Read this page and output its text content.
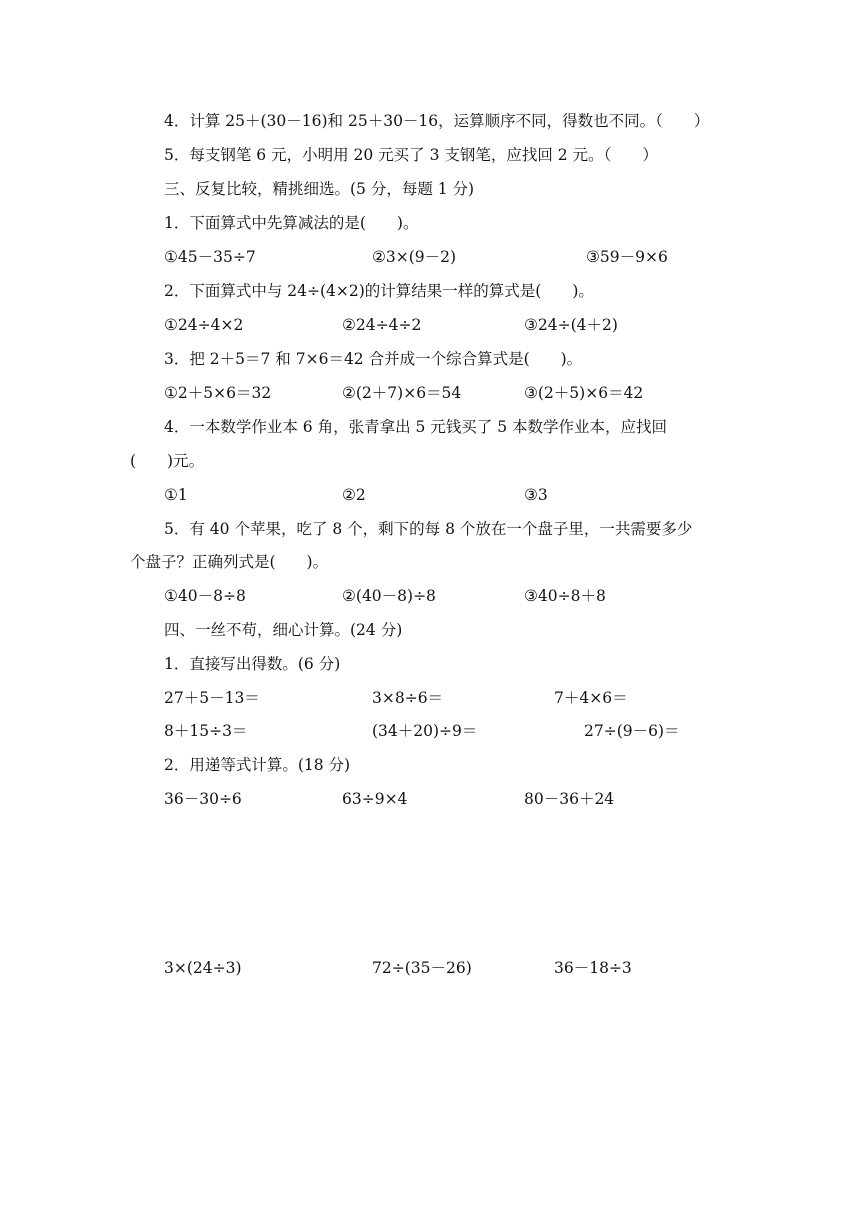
4．计算 25＋(30－16)和 25＋30－16，运算顺序不同，得数也不同。（　　）
5．每支钢笔 6 元，小明用 20 元买了 3 支钢笔，应找回 2 元。（　　）
三、反复比较，精挑细选。(5 分，每题 1 分)
1．下面算式中先算减法的是(　　)。
①45－35÷7	②3×(9－2)	③59－9×6
2．下面算式中与 24÷(4×2)的计算结果一样的算式是(　　)。
①24÷4×2	②24÷4÷2	③24÷(4＋2)
3．把 2＋5＝7 和 7×6＝42 合并成一个综合算式是(　　)。
①2＋5×6＝32	②(2＋7)×6＝54	③(2＋5)×6＝42
4．一本数学作业本 6 角，张青拿出 5 元钱买了 5 本数学作业本，应找回
(　　)元。
①1	②2	③3
5．有 40 个苹果，吃了 8 个，剩下的每 8 个放在一个盘子里，一共需要多少
个盘子？正确列式是(　　)。
①40－8÷8	②(40－8)÷8	③40÷8＋8
四、一丝不苟，细心计算。(24 分)
1．直接写出得数。(6 分)
27＋5－13＝	3×8÷6＝	7＋4×6＝
8＋15÷3＝	(34＋20)÷9＝	27÷(9－6)＝
2．用递等式计算。(18 分)
36－30÷6	63÷9×4	80－36＋24
3×(24÷3)	72÷(35－26)	36－18÷3
